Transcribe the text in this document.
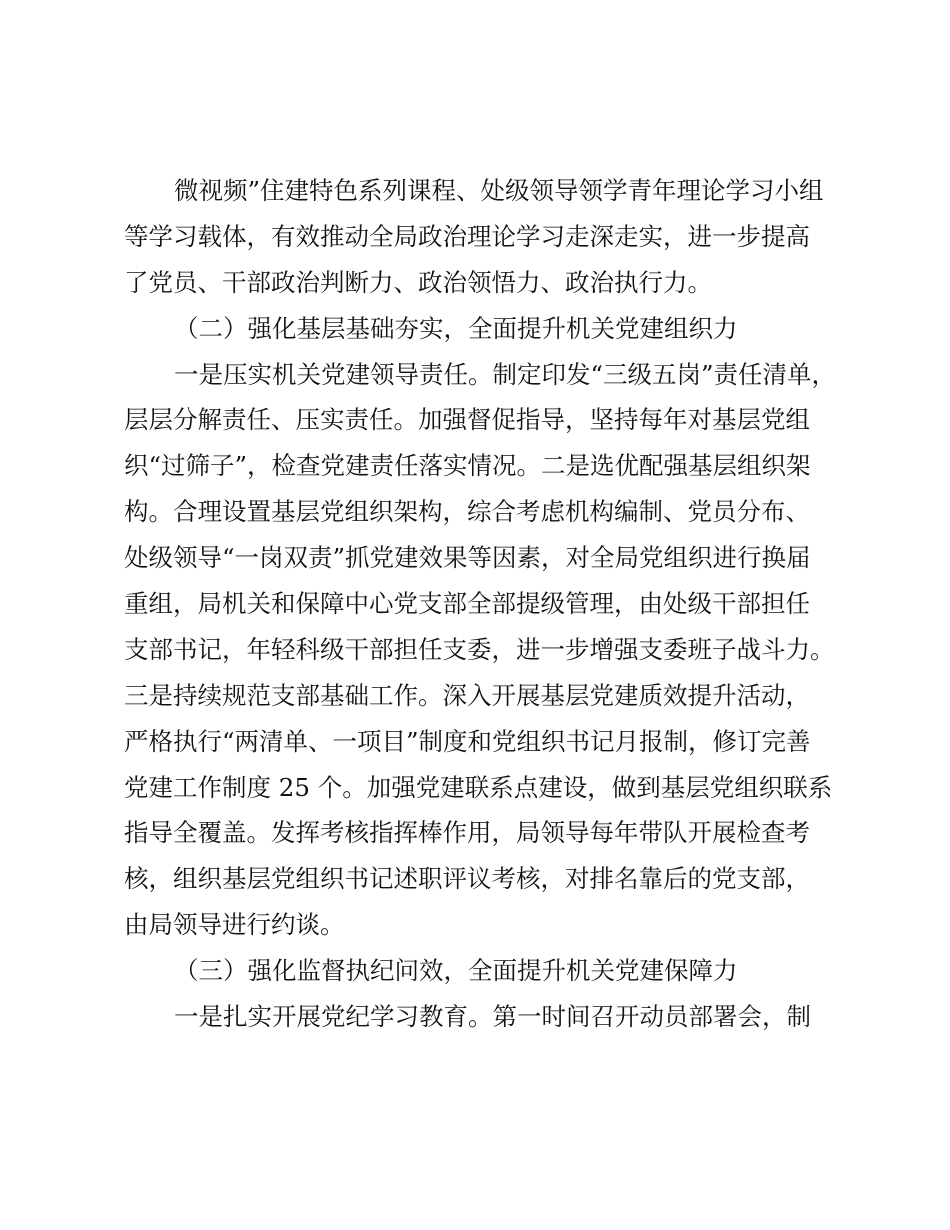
微视频”住建特色系列课程、处级领导领学青年理论学习小组
等学习载体，有效推动全局政治理论学习走深走实，进一步提高
了党员、干部政治判断力、政治领悟力、政治执行力。
（二）强化基层基础夯实，全面提升机关党建组织力
一是压实机关党建领导责任。制定印发“三级五岗”责任清单，
层层分解责任、压实责任。加强督促指导，坚持每年对基层党组
织“过筛子”，检查党建责任落实情况。二是选优配强基层组织架
构。合理设置基层党组织架构，综合考虑机构编制、党员分布、
处级领导“一岗双责”抓党建效果等因素，对全局党组织进行换届
重组，局机关和保障中心党支部全部提级管理，由处级干部担任
支部书记，年轻科级干部担任支委，进一步增强支委班子战斗力。
三是持续规范支部基础工作。深入开展基层党建质效提升活动，
严格执行“两清单、一项目”制度和党组织书记月报制，修订完善
党建工作制度 25 个。加强党建联系点建设，做到基层党组织联系
指导全覆盖。发挥考核指挥棒作用，局领导每年带队开展检查考
核，组织基层党组织书记述职评议考核，对排名靠后的党支部，
由局领导进行约谈。
（三）强化监督执纪问效，全面提升机关党建保障力
一是扎实开展党纪学习教育。第一时间召开动员部署会，制
